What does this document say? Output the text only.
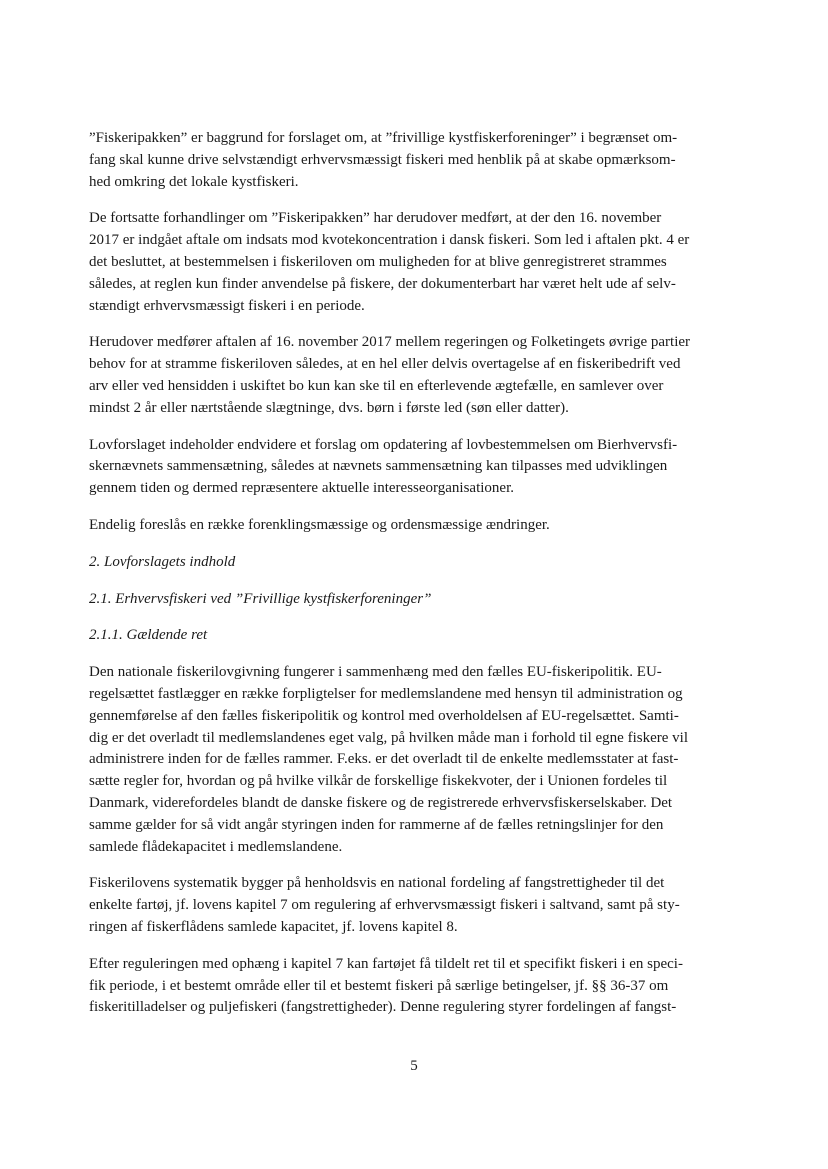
”Fiskeripakken” er baggrund for forslaget om, at ”frivillige kystfiskerforeninger” i begrænset om-
fang skal kunne drive selvstændigt erhvervsmæssigt fiskeri med henblik på at skabe opmærksom-
hed omkring det lokale kystfiskeri.
De fortsatte forhandlinger om ”Fiskeripakken” har derudover medført, at der den 16. november
2017 er indgået aftale om indsats mod kvotekoncentration i dansk fiskeri. Som led i aftalen pkt. 4 er
det besluttet, at bestemmelsen i fiskeriloven om muligheden for at blive genregistreret strammes
således, at reglen kun finder anvendelse på fiskere, der dokumenterbart har været helt ude af selv-
stændigt erhvervsmæssigt fiskeri i en periode.
Herudover medfører aftalen af 16. november 2017 mellem regeringen og Folketingets øvrige partier
behov for at stramme fiskeriloven således, at en hel eller delvis overtagelse af en fiskeribedrift ved
arv eller ved hensidden i uskiftet bo kun kan ske til en efterlevende ægtefælle, en samlever over
mindst 2 år eller nærtstående slægtninge, dvs. børn i første led (søn eller datter).
Lovforslaget indeholder endvidere et forslag om opdatering af lovbestemmelsen om Bierhvervsfi-
skernævnets sammensætning, således at nævnets sammensætning kan tilpasses med udviklingen
gennem tiden og dermed repræsentere aktuelle interesseorganisationer.
Endelig foreslås en række forenklingsmæssige og ordensmæssige ændringer.
2. Lovforslagets indhold
2.1. Erhvervsfiskeri ved ”Frivillige kystfiskerforeninger”
2.1.1. Gældende ret
Den nationale fiskerilovgivning fungerer i sammenhæng med den fælles EU-fiskeripolitik. EU-
regelsættet fastlægger en række forpligtelser for medlemslandene med hensyn til administration og
gennemførelse af den fælles fiskeripolitik og kontrol med overholdelsen af EU-regelsættet. Samti-
dig er det overladt til medlemslandenes eget valg, på hvilken måde man i forhold til egne fiskere vil
administrere inden for de fælles rammer. F.eks. er det overladt til de enkelte medlemsstater at fast-
sætte regler for, hvordan og på hvilke vilkår de forskellige fiskekvoter, der i Unionen fordeles til
Danmark, viderefordeles blandt de danske fiskere og de registrerede erhvervsfiskerselskaber. Det
samme gælder for så vidt angår styringen inden for rammerne af de fælles retningslinjer for den
samlede flådekapacitet i medlemslandene.
Fiskerilovens systematik bygger på henholdsvis en national fordeling af fangstrettigheder til det
enkelte fartøj, jf. lovens kapitel 7 om regulering af erhvervsmæssigt fiskeri i saltvand, samt på sty-
ringen af fiskerflådens samlede kapacitet, jf. lovens kapitel 8.
Efter reguleringen med ophæng i kapitel 7 kan fartøjet få tildelt ret til et specifikt fiskeri i en speci-
fik periode, i et bestemt område eller til et bestemt fiskeri på særlige betingelser, jf. §§ 36-37 om
fiskeritilladelser og puljefiskeri (fangstrettigheder). Denne regulering styrer fordelingen af fangst-
5
